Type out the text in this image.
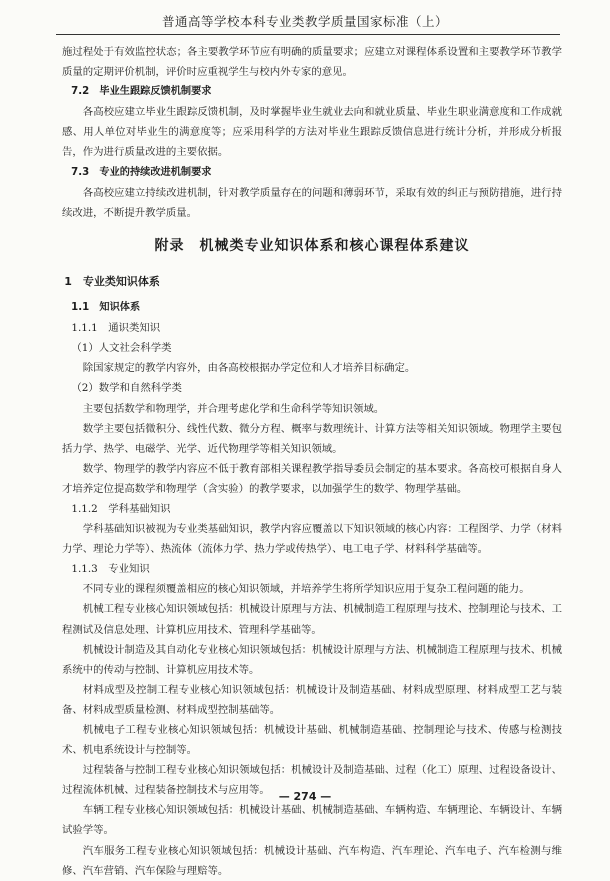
普通高等学校本科专业类教学质量国家标准（上）

施过程处于有效监控状态；各主要教学环节应有明确的质量要求；应建立对课程体系设置和主要教学环节教学质量的定期评价机制，评价时应重视学生与校内外专家的意见。

7.2　毕业生跟踪反馈机制要求

各高校应建立毕业生跟踪反馈机制，及时掌握毕业生就业去向和就业质量、毕业生职业满意度和工作成就感、用人单位对毕业生的满意度等；应采用科学的方法对毕业生跟踪反馈信息进行统计分析，并形成分析报告，作为进行质量改进的主要依据。

7.3　专业的持续改进机制要求

各高校应建立持续改进机制，针对教学质量存在的问题和薄弱环节，采取有效的纠正与预防措施，进行持续改进，不断提升教学质量。

附录　机械类专业知识体系和核心课程体系建议

1　专业类知识体系

1.1　知识体系

1.1.1　通识类知识

（1）人文社会科学类

除国家规定的教学内容外，由各高校根据办学定位和人才培养目标确定。

（2）数学和自然科学类

主要包括数学和物理学，并合理考虑化学和生命科学等知识领域。

数学主要包括微积分、线性代数、微分方程、概率与数理统计、计算方法等相关知识领域。物理学主要包括力学、热学、电磁学、光学、近代物理学等相关知识领域。

数学、物理学的教学内容应不低于教育部相关课程教学指导委员会制定的基本要求。各高校可根据自身人才培养定位提高数学和物理学（含实验）的教学要求，以加强学生的数学、物理学基础。

1.1.2　学科基础知识

学科基础知识被视为专业类基础知识，教学内容应覆盖以下知识领域的核心内容：工程图学、力学（材料力学、理论力学等）、热流体（流体力学、热力学或传热学）、电工电子学、材料科学基础等。

1.1.3　专业知识

不同专业的课程须覆盖相应的核心知识领域，并培养学生将所学知识应用于复杂工程问题的能力。

机械工程专业核心知识领域包括：机械设计原理与方法、机械制造工程原理与技术、控制理论与技术、工程测试及信息处理、计算机应用技术、管理科学基础等。

机械设计制造及其自动化专业核心知识领域包括：机械设计原理与方法、机械制造工程原理与技术、机械系统中的传动与控制、计算机应用技术等。

材料成型及控制工程专业核心知识领域包括：机械设计及制造基础、材料成型原理、材料成型工艺与装备、材料成型质量检测、材料成型控制基础等。

机械电子工程专业核心知识领域包括：机械设计基础、机械制造基础、控制理论与技术、传感与检测技术、机电系统设计与控制等。

过程装备与控制工程专业核心知识领域包括：机械设计及制造基础、过程（化工）原理、过程设备设计、过程流体机械、过程装备控制技术与应用等。

车辆工程专业核心知识领域包括：机械设计基础、机械制造基础、车辆构造、车辆理论、车辆设计、车辆试验学等。

汽车服务工程专业核心知识领域包括：机械设计基础、汽车构造、汽车理论、汽车电子、汽车检测与维修、汽车营销、汽车保险与理赔等。

— 274 —
